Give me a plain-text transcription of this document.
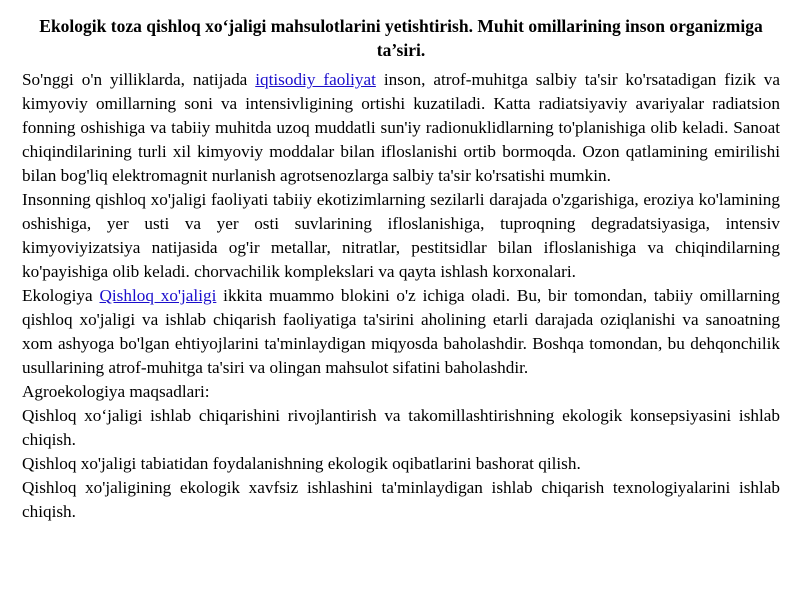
Ekologik toza qishloq xo‘jaligi mahsulotlarini yetishtirish. Muhit omillarining inson organizmiga ta’siri.

So'nggi o'n yilliklarda, natijada iqtisodiy faoliyat inson, atrof-muhitga salbiy ta'sir ko'rsatadigan fizik va kimyoviy omillarning soni va intensivligining ortishi kuzatiladi. Katta radiatsiyaviy avariyalar radiatsion fonning oshishiga va tabiiy muhitda uzoq muddatli sun'iy radionuklidlarning to'planishiga olib keladi. Sanoat chiqindilarining turli xil kimyoviy moddalar bilan ifloslanishi ortib bormoqda. Ozon qatlamining emirilishi bilan bog'liq elektromagnit nurlanish agrotsenozlarga salbiy ta'sir ko'rsatishi mumkin.

Insonning qishloq xo'jaligi faoliyati tabiiy ekotizimlarning sezilarli darajada o'zgarishiga, eroziya ko'lamining oshishiga, yer usti va yer osti suvlarining ifloslanishiga, tuproqning degradatsiyasiga, intensiv kimyoviyizatsiya natijasida og'ir metallar, nitratlar, pestitsidlar bilan ifloslanishiga va chiqindilarning ko'payishiga olib keladi. chorvachilik komplekslari va qayta ishlash korxonalari.

Ekologiya Qishloq xo'jaligi ikkita muammo blokini o'z ichiga oladi. Bu, bir tomondan, tabiiy omillarning qishloq xo'jaligi va ishlab chiqarish faoliyatiga ta'sirini aholining etarli darajada oziqlanishi va sanoatning xom ashyoga bo'lgan ehtiyojlarini ta'minlaydigan miqyosda baholashdir. Boshqa tomondan, bu dehqonchilik usullarining atrof-muhitga ta'siri va olingan mahsulot sifatini baholashdir.

Agroekologiya maqsadlari:

Qishloq xo‘jaligi ishlab chiqarishini rivojlantirish va takomillashtirishning ekologik konsepsiyasini ishlab chiqish.

Qishloq xo'jaligi tabiatidan foydalanishning ekologik oqibatlarini bashorat qilish.

Qishloq xo'jaligining ekologik xavfsiz ishlashini ta'minlaydigan ishlab chiqarish texnologiyalarini ishlab chiqish.
